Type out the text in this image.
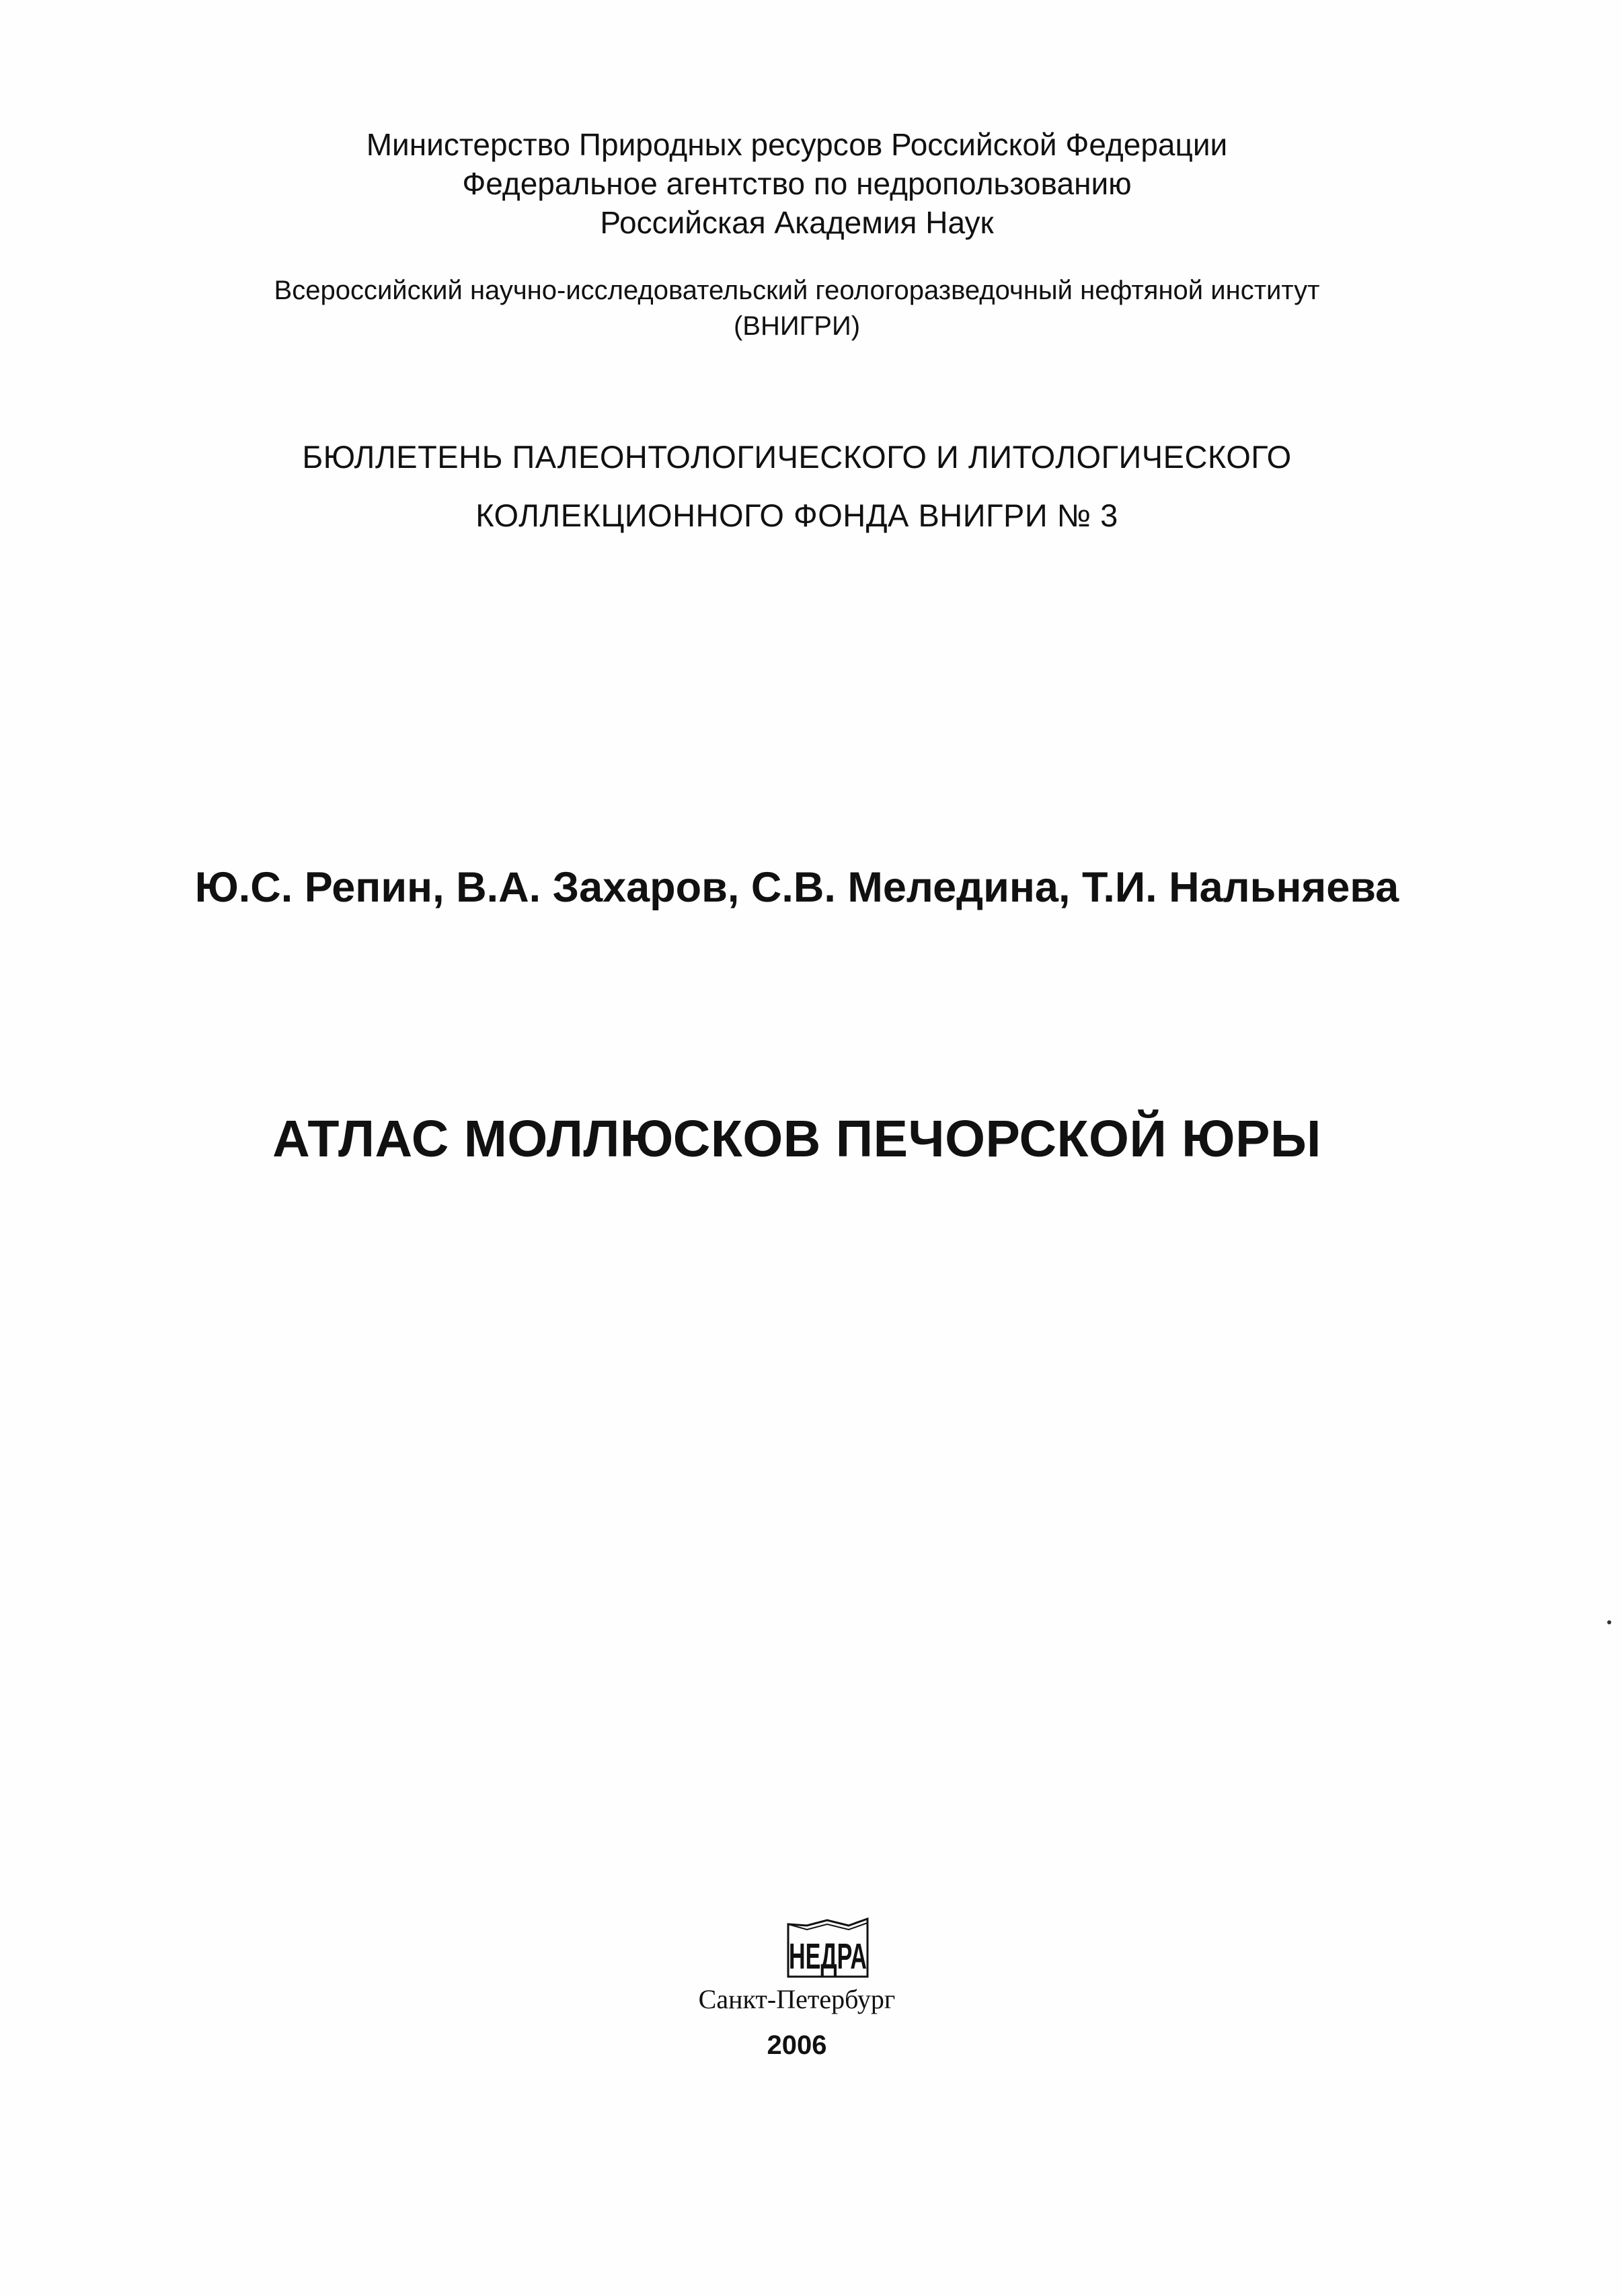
Министерство Природных ресурсов Российской Федерации
Федеральное агентство по недропользованию
Российская Академия Наук
Всероссийский научно-исследовательский геологоразведочный нефтяной институт
(ВНИГРИ)
БЮЛЛЕТЕНЬ ПАЛЕОНТОЛОГИЧЕСКОГО И ЛИТОЛОГИЧЕСКОГО
КОЛЛЕКЦИОННОГО ФОНДА ВНИГРИ № 3
Ю.С. Репин, В.А. Захаров, С.В. Меледина, Т.И. Нальняева
АТЛАС МОЛЛЮСКОВ ПЕЧОРСКОЙ ЮРЫ
НЕДРА
Санкт-Петербург
2006
